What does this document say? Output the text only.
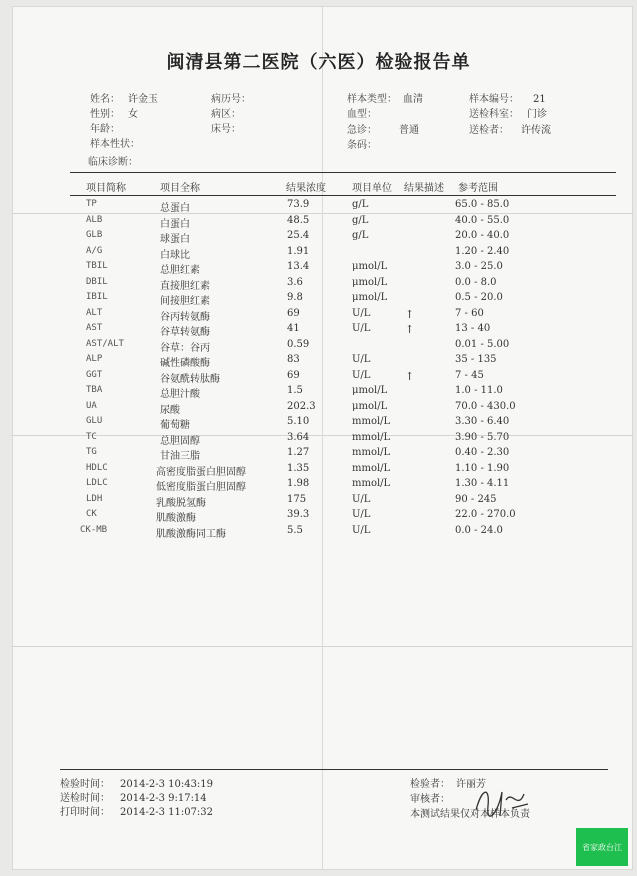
闽清县第二医院（六医）检验报告单
姓名： 许金玉
性别： 女
年龄：
样本性状：
临床诊断：
病历号：
病区：
床号：
样本类型： 血清
血型：
急诊： 普通
条码：
样本编号： 21
送检科室： 门诊
送检者： 许传流
项目简称	项目全称	结果浓度	项目单位 结果描述 参考范围
TP	总蛋白	73.9	g/L	65.0 - 85.0
ALB	白蛋白	48.5	g/L	40.0 - 55.0
GLB	球蛋白	25.4	g/L	20.0 - 40.0
A/G	白球比	1.91	1.20 - 2.40
TBIL	总胆红素	13.4	μmol/L	3.0 - 25.0
DBIL	直接胆红素	3.6	μmol/L	0.0 - 8.0
IBIL	间接胆红素	9.8	μmol/L	0.5 - 20.0
ALT	谷丙转氨酶	69	U/L	↑	7 - 60
AST	谷草转氨酶	41	U/L	↑	13 - 40
AST/ALT	谷草：谷丙	0.59	0.01 - 5.00
ALP	碱性磷酸酶	83	U/L	35 - 135
GGT	谷氨酰转肽酶	69	U/L	↑	7 - 45
TBA	总胆汁酸	1.5	μmol/L	1.0 - 11.0
UA	尿酸	202.3	μmol/L	70.0 - 430.0
GLU	葡萄糖	5.10	mmol/L	3.30 - 6.40
TC	总胆固醇	3.64	mmol/L	3.90 - 5.70
TG	甘油三脂	1.27	mmol/L	0.40 - 2.30
HDLC	高密度脂蛋白胆固醇	1.35	mmol/L	1.10 - 1.90
LDLC	低密度脂蛋白胆固醇	1.98	mmol/L	1.30 - 4.11
LDH	乳酸脱氢酶	175	U/L	90 - 245
CK	肌酸激酶	39.3	U/L	22.0 - 270.0
CK-MB	肌酸激酶同工酶	5.5	U/L	0.0 - 24.0
检验时间： 2014-2-3 10:43:19
送检时间： 2014-2-3 9:17:14
打印时间： 2014-2-3 11:07:32
检验者： 许丽芳
审核者：
本测试结果仅对本样本负责
省家政台江
